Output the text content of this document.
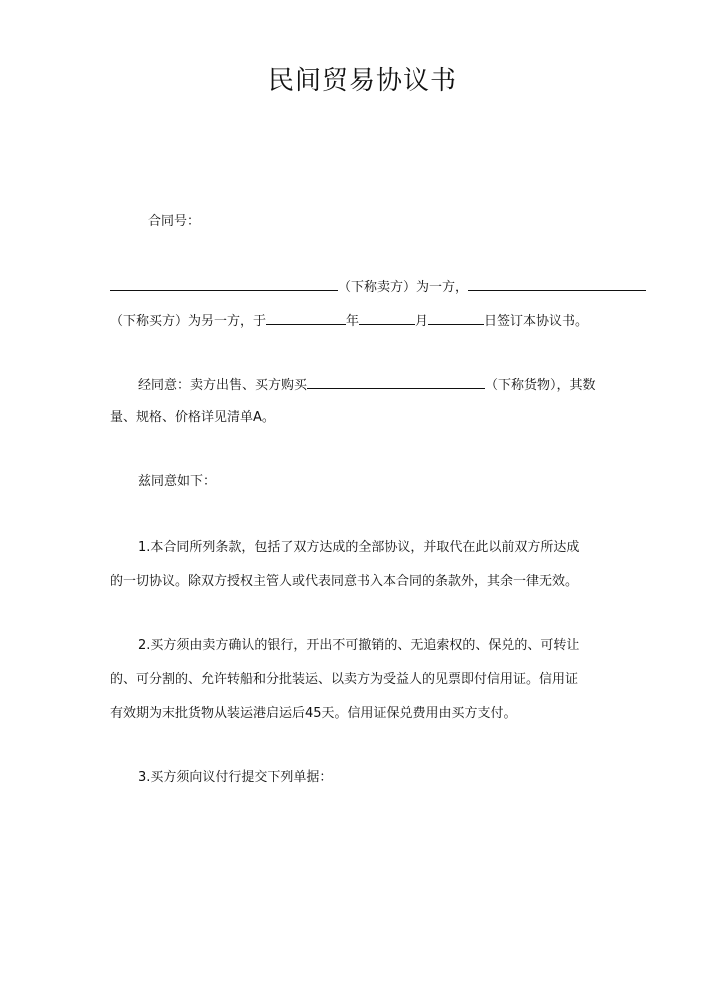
民间贸易协议书
合同号：
（下称卖方）为一方，
（下称买方）为另一方，于	年	月	日签订本协议书。
经同意：卖方出售、买方购买	（下称货物），其数
量、规格、价格详见清单A。
兹同意如下：
1.本合同所列条款，包括了双方达成的全部协议，并取代在此以前双方所达成
的一切协议。除双方授权主管人或代表同意书入本合同的条款外，其余一律无效。
2.买方须由卖方确认的银行，开出不可撤销的、无追索权的、保兑的、可转让
的、可分割的、允许转船和分批装运、以卖方为受益人的见票即付信用证。信用证
有效期为末批货物从装运港启运后45天。信用证保兑费用由买方支付。
3.买方须向议付行提交下列单据：
